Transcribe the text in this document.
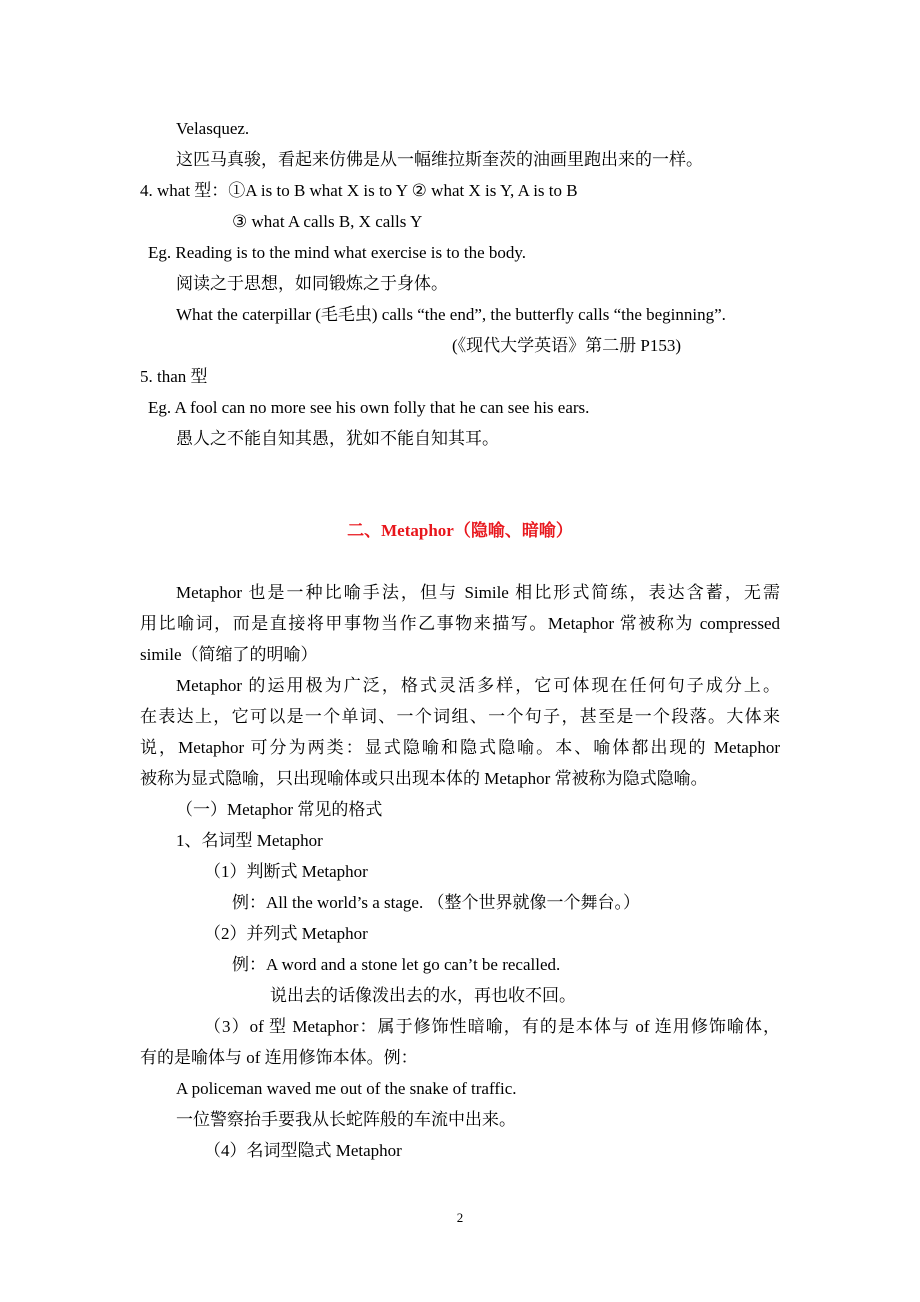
Velasquez.

这匹马真骏，看起来仿佛是从一幅维拉斯奎茨的油画里跑出来的一样。

4. what 型：①A is to B what X is to Y ② what X is Y, A is to B

③ what A calls B, X calls Y

Eg. Reading is to the mind what exercise is to the body.

阅读之于思想，如同锻炼之于身体。

What the caterpillar (毛毛虫) calls “the end”, the butterfly calls “the beginning”.

(《现代大学英语》第二册 P153)

5. than 型

Eg. A fool can no more see his own folly that he can see his ears.

愚人之不能自知其愚，犹如不能自知其耳。

二、Metaphor（隐喻、暗喻）

Metaphor 也是一种比喻手法，但与 Simile 相比形式简练，表达含蓄，无需

用比喻词，而是直接将甲事物当作乙事物来描写。Metaphor 常被称为 compressed

simile（简缩了的明喻）

Metaphor 的运用极为广泛，格式灵活多样，它可体现在任何句子成分上。

在表达上，它可以是一个单词、一个词组、一个句子，甚至是一个段落。大体来

说，Metaphor 可分为两类：显式隐喻和隐式隐喻。本、喻体都出现的 Metaphor

被称为显式隐喻，只出现喻体或只出现本体的 Metaphor 常被称为隐式隐喻。

（一）Metaphor 常见的格式

1、名词型 Metaphor

（1）判断式 Metaphor

例：All the world’s a stage. （整个世界就像一个舞台。）

（2）并列式 Metaphor

例：A word and a stone let go can’t be recalled.

说出去的话像泼出去的水，再也收不回。

（3）of 型 Metaphor：属于修饰性暗喻，有的是本体与 of 连用修饰喻体，

有的是喻体与 of 连用修饰本体。例：

A policeman waved me out of the snake of traffic.

一位警察抬手要我从长蛇阵般的车流中出来。

（4）名词型隐式 Metaphor

2
